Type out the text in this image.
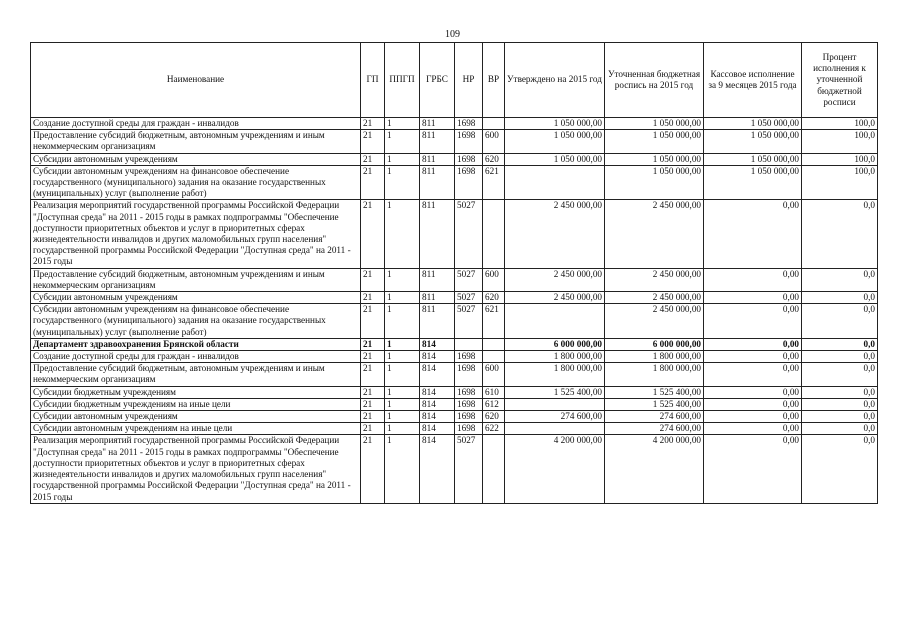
109
Наименование	ГП	ППГП	ГРБС	НР	ВР	Утверждено на 2015 год	Уточненная бюджетная роспись на 2015 год	Кассовое исполнение за 9 месяцев 2015 года	Процент исполнения к уточненной бюджетной росписи
Создание доступной среды для граждан - инвалидов	21	1	811	1698		1 050 000,00	1 050 000,00	1 050 000,00	100,0
Предоставление субсидий бюджетным, автономным учреждениям и иным некоммерческим организациям	21	1	811	1698	600	1 050 000,00	1 050 000,00	1 050 000,00	100,0
Субсидии автономным учреждениям	21	1	811	1698	620	1 050 000,00	1 050 000,00	1 050 000,00	100,0
Субсидии автономным учреждениям на финансовое обеспечение государственного (муниципального) задания на оказание государственных (муниципальных) услуг (выполнение работ)	21	1	811	1698	621		1 050 000,00	1 050 000,00	100,0
Реализация мероприятий государственной программы Российской Федерации "Доступная среда" на 2011 - 2015 годы в рамках подпрограммы "Обеспечение доступности приоритетных объектов и услуг в приоритетных сферах жизнедеятельности инвалидов и других маломобильных групп населения" государственной программы Российской Федерации "Доступная среда" на 2011 - 2015 годы	21	1	811	5027		2 450 000,00	2 450 000,00	0,00	0,0
Предоставление субсидий бюджетным, автономным учреждениям и иным некоммерческим организациям	21	1	811	5027	600	2 450 000,00	2 450 000,00	0,00	0,0
Субсидии автономным учреждениям	21	1	811	5027	620	2 450 000,00	2 450 000,00	0,00	0,0
Субсидии автономным учреждениям на финансовое обеспечение государственного (муниципального) задания на оказание государственных (муниципальных) услуг (выполнение работ)	21	1	811	5027	621		2 450 000,00	0,00	0,0
Департамент здравоохранения Брянской области	21	1	814			6 000 000,00	6 000 000,00	0,00	0,0
Создание доступной среды для граждан - инвалидов	21	1	814	1698		1 800 000,00	1 800 000,00	0,00	0,0
Предоставление субсидий бюджетным, автономным учреждениям и иным некоммерческим организациям	21	1	814	1698	600	1 800 000,00	1 800 000,00	0,00	0,0
Субсидии бюджетным учреждениям	21	1	814	1698	610	1 525 400,00	1 525 400,00	0,00	0,0
Субсидии бюджетным учреждениям на иные цели	21	1	814	1698	612		1 525 400,00	0,00	0,0
Субсидии автономным учреждениям	21	1	814	1698	620	274 600,00	274 600,00	0,00	0,0
Субсидии автономным учреждениям на иные цели	21	1	814	1698	622		274 600,00	0,00	0,0
Реализация мероприятий государственной программы Российской Федерации "Доступная среда" на 2011 - 2015 годы в рамках подпрограммы "Обеспечение доступности приоритетных объектов и услуг в приоритетных сферах жизнедеятельности инвалидов и других маломобильных групп населения" государственной программы Российской Федерации "Доступная среда" на 2011 - 2015 годы	21	1	814	5027		4 200 000,00	4 200 000,00	0,00	0,0
